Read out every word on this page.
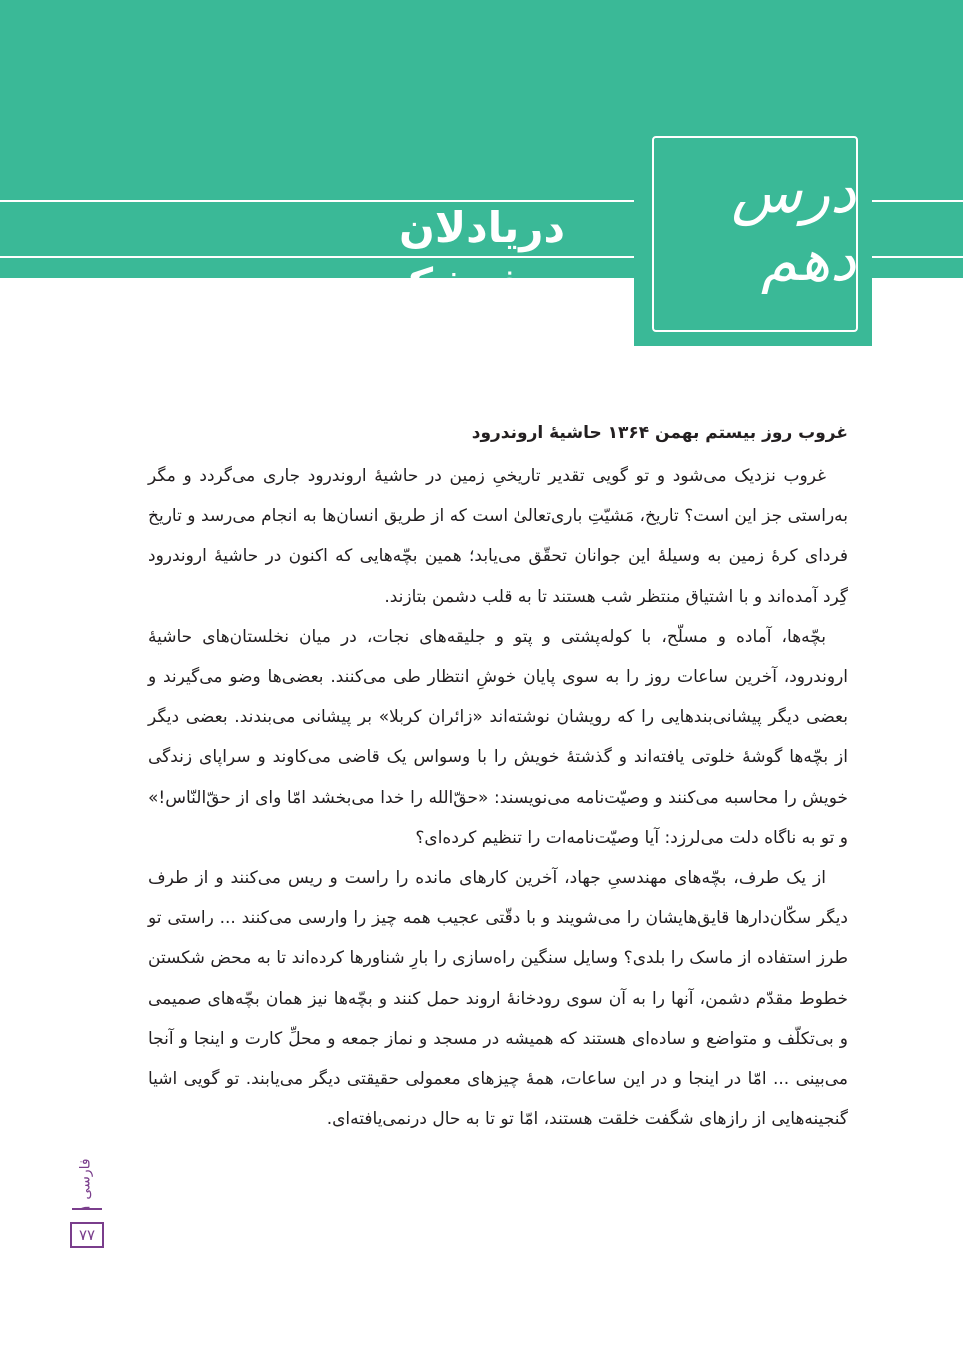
درس دهم
دریادلان صف‌شکن

غروب روز بیستم بهمن ۱۳۶۴ حاشیهٔ اروندرود

غروب نزدیک می‌شود و تو گویی تقدیر تاریخیِ زمین در حاشیهٔ اروندرود جاری می‌گردد و مگر به‌راستی جز این است؟ تاریخ، مَشیّتِ باری‌تعالیٰ است که از طریق انسان‌ها به انجام می‌رسد و تاریخ فردای کرهٔ زمین به وسیلهٔ این جوانان تحقّق می‌یابد؛ همین بچّه‌هایی که اکنون در حاشیهٔ اروندرود گِرد آمده‌اند و با اشتیاق منتظر شب هستند تا به قلب دشمن بتازند.

بچّه‌ها، آماده و مسلّح، با کوله‌پشتی و پتو و جلیقه‌های نجات، در میان نخلستان‌های حاشیهٔ اروندرود، آخرین ساعات روز را به سوی پایان خوشِ انتظار طی می‌کنند. بعضی‌ها وضو می‌گیرند و بعضی دیگر پیشانی‌بندهایی را که رویشان نوشته‌اند «زائران کربلا» بر پیشانی می‌بندند. بعضی دیگر از بچّه‌ها گوشهٔ خلوتی یافته‌اند و گذشتهٔ خویش را با وسواس یک قاضی می‌کاوند و سراپای زندگی خویش را محاسبه می‌کنند و وصیّت‌نامه می‌نویسند: «حقّ‌الله را خدا می‌بخشد امّا وای از حقّ‌النّاس!» و تو به ناگاه دلت می‌لرزد: آیا وصیّت‌نامه‌ات را تنظیم کرده‌ای؟

از یک طرف، بچّه‌های مهندسیِ جهاد، آخرین کارهای مانده را راست و ریس می‌کنند و از طرف دیگر سکّان‌دارها قایق‌هایشان را می‌شویند و با دقّتی عجیب همه چیز را وارسی می‌کنند ... راستی تو طرز استفاده از ماسک را بلدی؟ وسایل سنگین راه‌سازی را بارِ شناورها کرده‌اند تا به محض شکستن خطوط مقدّم دشمن، آنها را به آن سوی رودخانهٔ اروند حمل کنند و بچّه‌ها نیز همان بچّه‌های صمیمی و بی‌تکلّف و متواضع و ساده‌ای هستند که همیشه در مسجد و نماز جمعه و محلِّ کارت و اینجا و آنجا می‌بینی ... امّا در اینجا و در این ساعات، همهٔ چیزهای معمولی حقیقتی دیگر می‌یابند. تو گویی اشیا گنجینه‌هایی از رازهای شگفت خلقت هستند، امّا تو تا به حال درنمی‌یافته‌ای.

فارسی
۷۷
